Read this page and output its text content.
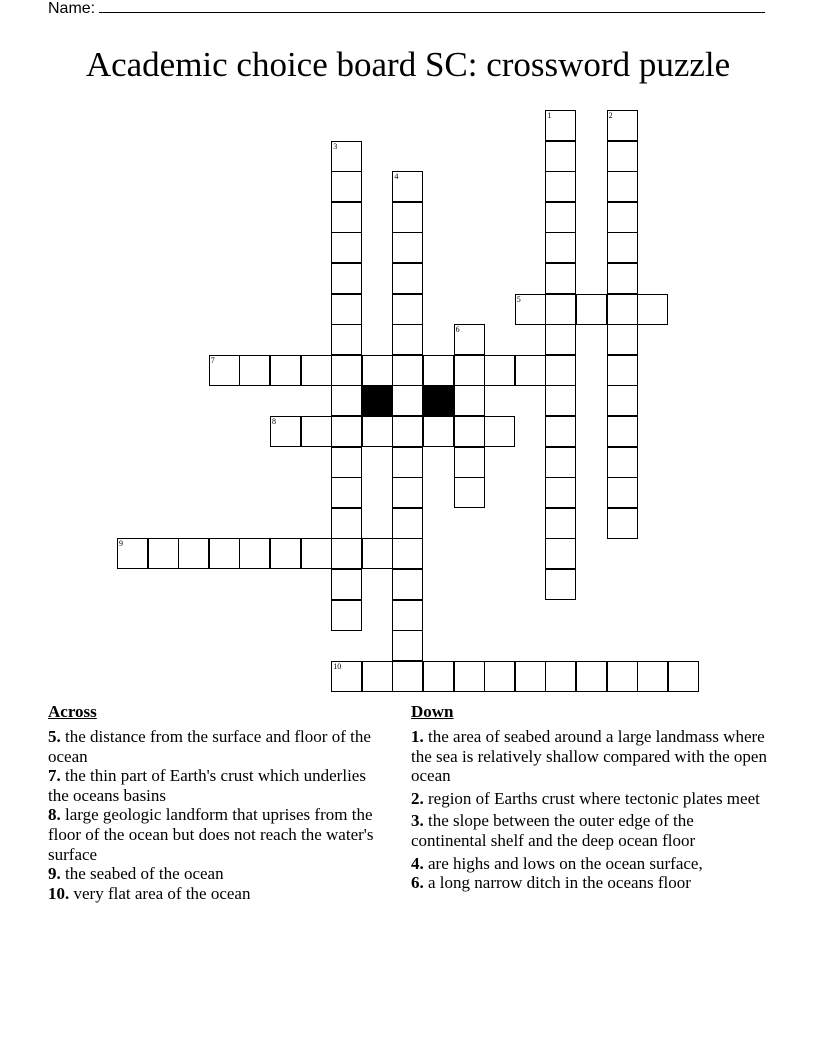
Name:
Academic choice board SC: crossword puzzle
1	2
3
4
5
6
7
8
9
10
Across
5. the distance from the surface and floor of the ocean
7. the thin part of Earth's crust which underlies the oceans basins
8. large geologic landform that uprises from the floor of the ocean but does not reach the water's surface
9. the seabed of the ocean
10. very flat area of the ocean
Down
1. the area of seabed around a large landmass where the sea is relatively shallow compared with the open ocean
2. region of Earths crust where tectonic plates meet
3. the slope between the outer edge of the continental shelf and the deep ocean floor
4. are highs and lows on the ocean surface,
6. a long narrow ditch in the oceans floor
